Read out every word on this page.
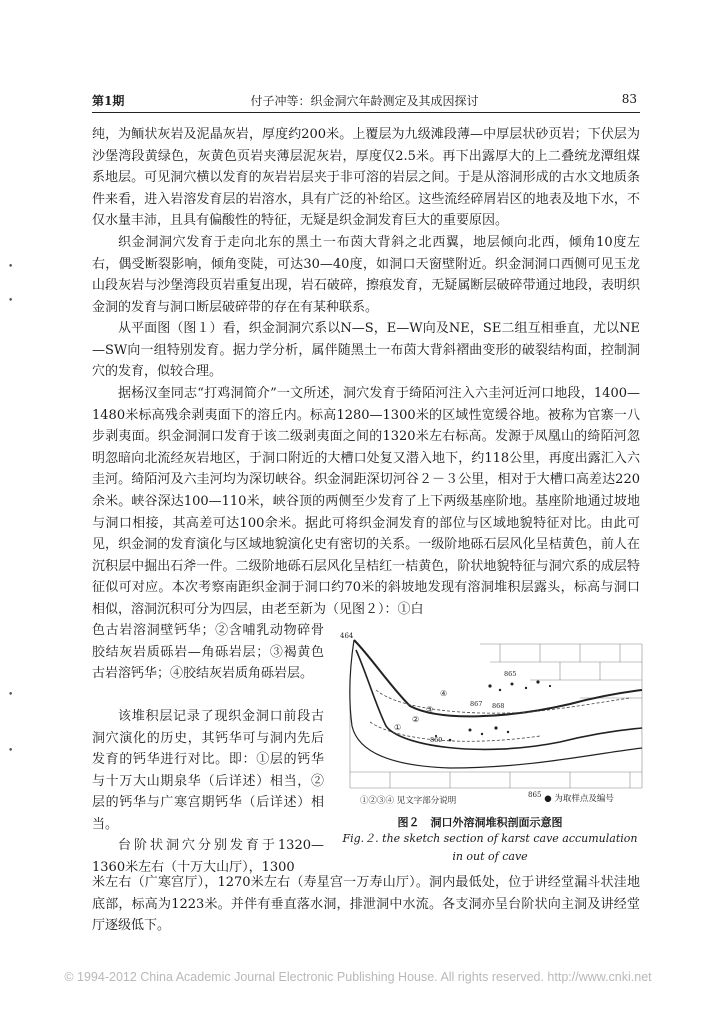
第1期	付子冲等：织金洞穴年龄测定及其成因探讨	83

纯，为鲕状灰岩及泥晶灰岩，厚度约200米。上覆层为九级滩段薄—中厚层状砂页岩；下伏层为沙堡湾段黄绿色，灰黄色页岩夹薄层泥灰岩，厚度仅2.5米。再下出露厚大的上二叠统龙潭组煤系地层。可见洞穴横以发育的灰岩岩层夹于非可溶的岩层之间。于是从溶洞形成的古水文地质条件来看，进入岩溶发育层的岩溶水，具有广泛的补给区。这些流经碎屑岩区的地表及地下水，不仅水量丰沛，且具有偏酸性的特征，无疑是织金洞发育巨大的重要原因。

织金洞洞穴发育于走向北东的黑土一布茵大背斜之北西翼，地层倾向北西，倾角10度左右，偶受断裂影响，倾角变陡，可达30—40度，如洞口天窗壁附近。织金洞洞口西侧可见玉龙山段灰岩与沙堡湾段页岩重复出现，岩石破碎，擦痕发育，无疑属断层破碎带通过地段，表明织金洞的发育与洞口断层破碎带的存在有某种联系。

从平面图（图１）看，织金洞洞穴系以N—S，E—W向及NE，SE二组互相垂直，尤以NE—SW向一组特别发育。据力学分析，属伴随黑土一布茵大背斜褶曲变形的破裂结构面，控制洞穴的发育，似较合理。

据杨汉奎同志“打鸡洞简介”一文所述，洞穴发育于绮陌河注入六圭河近河口地段，1400—1480米标高残余剥夷面下的溶丘内。标高1280—1300米的区域性宽缓谷地。被称为官寨一八步剥夷面。织金洞洞口发育于该二级剥夷面之间的1320米左右标高。发源于凤凰山的绮陌河忽明忽暗向北流经灰岩地区，于洞口附近的大槽口处复又潜入地下，约118公里，再度出露汇入六圭河。绮陌河及六圭河均为深切峡谷。织金洞距深切河谷２－３公里，相对于大槽口高差达220余米。峡谷深达100—110米，峡谷顶的两侧至少发育了上下两级基座阶地。基座阶地通过坡地与洞口相接，其高差可达100余米。据此可将织金洞发育的部位与区域地貌特征对比。由此可见，织金洞的发育演化与区域地貌演化史有密切的关系。一级阶地砾石层风化呈桔黄色，前人在沉积层中掘出石斧一件。二级阶地砾石层风化呈桔红一桔黄色，阶状地貌特征与洞穴系的成层特征似可对应。本次考察南距织金洞于洞口约70米的斜坡地发现有溶洞堆积层露头，标高与洞口相似，溶洞沉积可分为四层，由老至新为（见图２）：①白

色古岩溶洞壁钙华；②含哺乳动物碎骨胶结灰岩质砾岩—角砾岩层；③褐黄色古岩溶钙华；④胶结灰岩质角砾岩层。

该堆积层记录了现织金洞口前段古洞穴演化的历史，其钙华可与洞内先后发育的钙华进行对比。即：①层的钙华与十万大山期泉华（后详述）相当，②层的钙华与广寒宫期钙华（后详述）相当。

台阶状洞穴分别发育于1320—1360米左右（十万大山厅），1300

米左右（广寒宫厅），1270米左右（寿星宫一万寿山厅）。洞内最低处，位于讲经堂漏斗状洼地底部，标高为1223米。并伴有垂直落水洞，排泄洞中水流。各支洞亦呈台阶状向主洞及讲经堂厅逐级低下。

464
865
867 868
869
①
②
③
④
①②③④ 见文字部分说明
$^{865}$ ● 为取样点及编号
图２　洞口外溶洞堆积剖面示意图
Fig.２. the sketch section of karst cave accumulation in out of cave
•
•
•
•
© 1994-2012 China Academic Journal Electronic Publishing House. All rights reserved. http://www.cnki.net
